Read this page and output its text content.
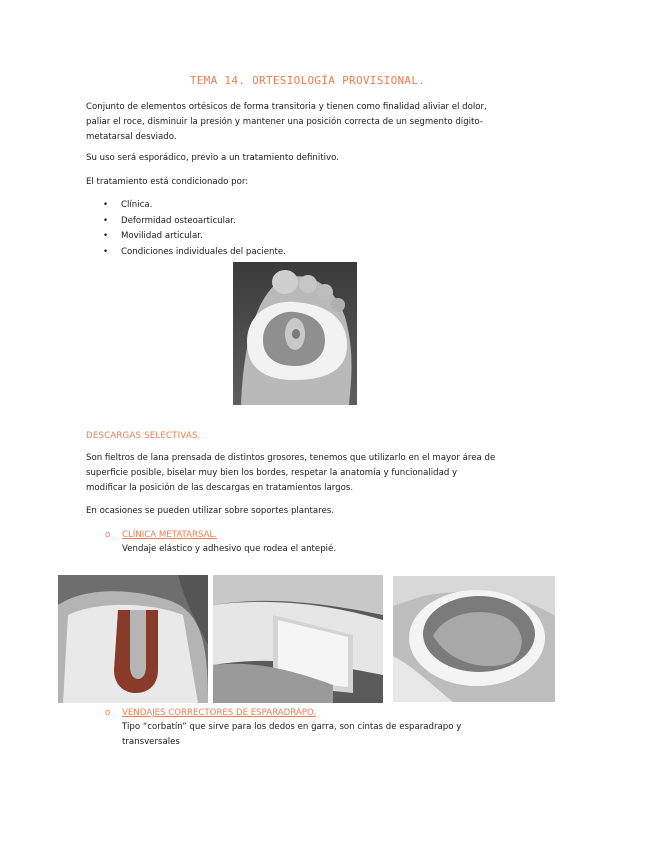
TEMA 14. ORTESIOLOGÍA PROVISIONAL.
Conjunto de elementos ortésicos de forma transitoria y tienen como finalidad aliviar el dolor,
paliar el roce, disminuir la presión y mantener una posición correcta de un segmento dígito-
metatarsal desviado.
Su uso será esporádico, previo a un tratamiento definitivo.
El tratamiento está condicionado por:
• Clínica.
• Deformidad osteoarticular.
• Movilidad articular.
• Condiciones individuales del paciente.
DESCARGAS SELECTIVAS.
Son fieltros de lana prensada de distintos grosores, tenemos que utilizarlo en el mayor área de
superficie posible, biselar muy bien los bordes, respetar la anatomía y funcionalidad y
modificar la posición de las descargas en tratamientos largos.
En ocasiones se pueden utilizar sobre soportes plantares.
o CLÍNICA METATARSAL.
Vendaje elástico y adhesivo que rodea el antepié.
o VENDAJES CORRECTORES DE ESPARADRAPO.
Tipo “corbatín” que sirve para los dedos en garra, son cintas de esparadrapo y
transversales
